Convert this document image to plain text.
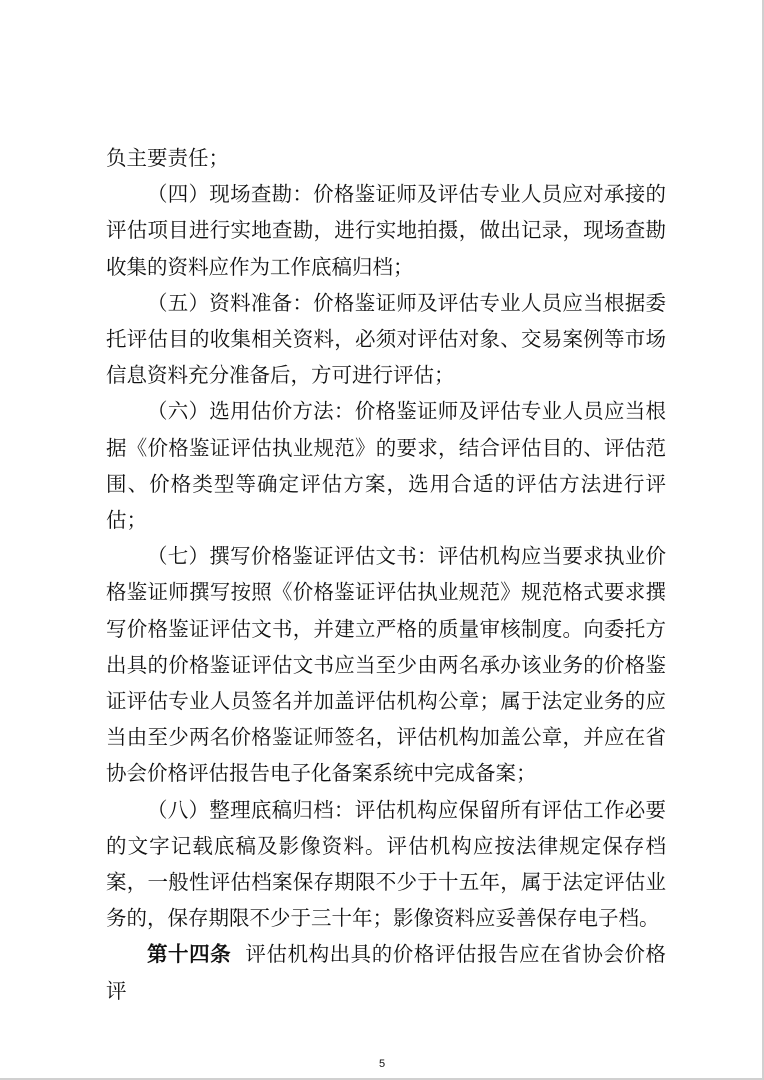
负主要责任；

（四）现场查勘：价格鉴证师及评估专业人员应对承接的评估项目进行实地查勘，进行实地拍摄，做出记录，现场查勘收集的资料应作为工作底稿归档；

（五）资料准备：价格鉴证师及评估专业人员应当根据委托评估目的收集相关资料，必须对评估对象、交易案例等市场信息资料充分准备后，方可进行评估；

（六）选用估价方法：价格鉴证师及评估专业人员应当根据《价格鉴证评估执业规范》的要求，结合评估目的、评估范围、价格类型等确定评估方案，选用合适的评估方法进行评估；

（七）撰写价格鉴证评估文书：评估机构应当要求执业价格鉴证师撰写按照《价格鉴证评估执业规范》规范格式要求撰写价格鉴证评估文书，并建立严格的质量审核制度。向委托方出具的价格鉴证评估文书应当至少由两名承办该业务的价格鉴证评估专业人员签名并加盖评估机构公章；属于法定业务的应当由至少两名价格鉴证师签名，评估机构加盖公章，并应在省协会价格评估报告电子化备案系统中完成备案；

（八）整理底稿归档：评估机构应保留所有评估工作必要的文字记载底稿及影像资料。评估机构应按法律规定保存档案，一般性评估档案保存期限不少于十五年，属于法定评估业务的，保存期限不少于三十年；影像资料应妥善保存电子档。

第十四条 评估机构出具的价格评估报告应在省协会价格评

5
